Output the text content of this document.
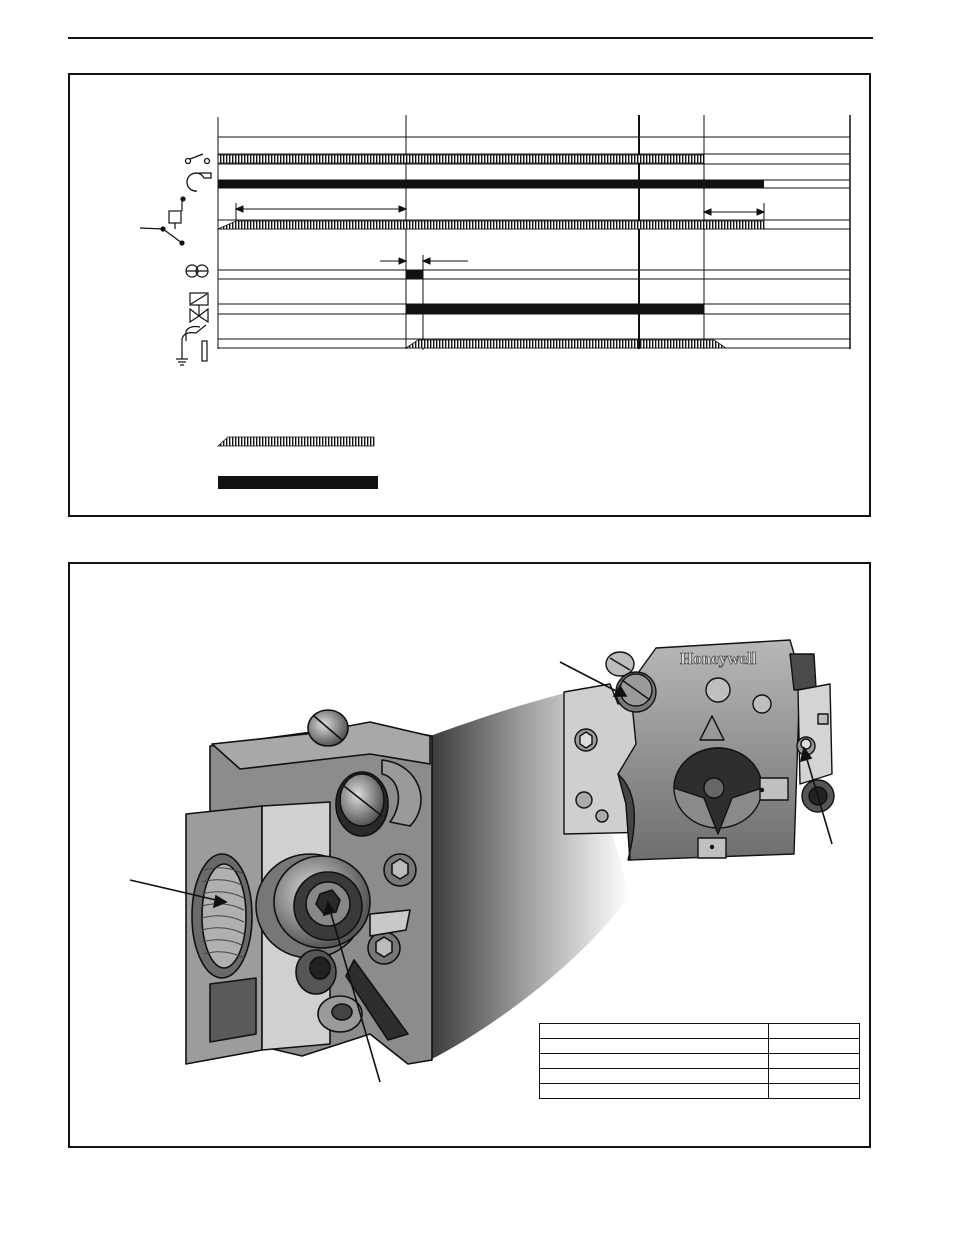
Honeywell
